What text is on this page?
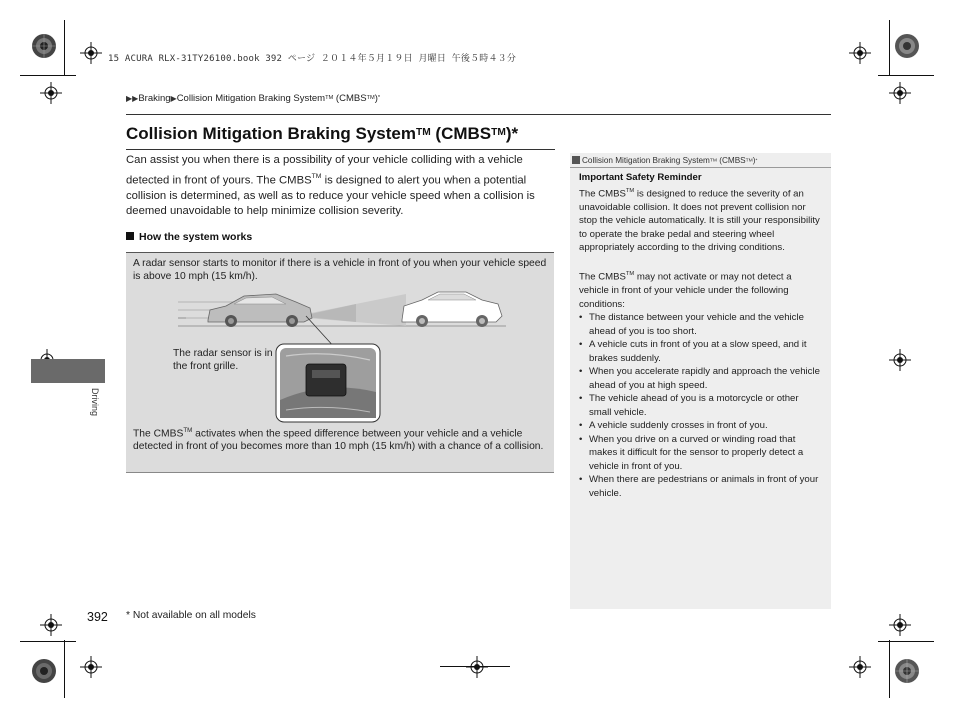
15 ACURA RLX-31TY26100.book 392 ページ ２０１４年５月１９日 月曜日 午後５時４３分
▶▶Braking▶Collision Mitigation Braking System™ (CMBS™)*
Collision Mitigation Braking System™ (CMBS™)*
Can assist you when there is a possibility of your vehicle colliding with a vehicle detected in front of yours. The CMBS™ is designed to alert you when a potential collision is determined, as well as to reduce your vehicle speed when a collision is deemed unavoidable to help minimize collision severity.
How the system works
A radar sensor starts to monitor if there is a vehicle in front of you when your vehicle speed is above 10 mph (15 km/h).
The radar sensor is in the front grille.
The CMBS™ activates when the speed difference between your vehicle and a vehicle detected in front of you becomes more than 10 mph (15 km/h) with a chance of a collision.
Driving
Collision Mitigation Braking System™ (CMBS™)*

Important Safety Reminder

The CMBS™ is designed to reduce the severity of an unavoidable collision. It does not prevent collision nor stop the vehicle automatically. It is still your responsibility to operate the brake pedal and steering wheel appropriately according to the driving conditions.

The CMBS™ may not activate or may not detect a vehicle in front of your vehicle under the following conditions:

• The distance between your vehicle and the vehicle ahead of you is too short.
• A vehicle cuts in front of you at a slow speed, and it brakes suddenly.
• When you accelerate rapidly and approach the vehicle ahead of you at high speed.
• The vehicle ahead of you is a motorcycle or other small vehicle.
• A vehicle suddenly crosses in front of you.
• When you drive on a curved or winding road that makes it difficult for the sensor to properly detect a vehicle in front of you.
• When there are pedestrians or animals in front of your vehicle.
392 * Not available on all models
